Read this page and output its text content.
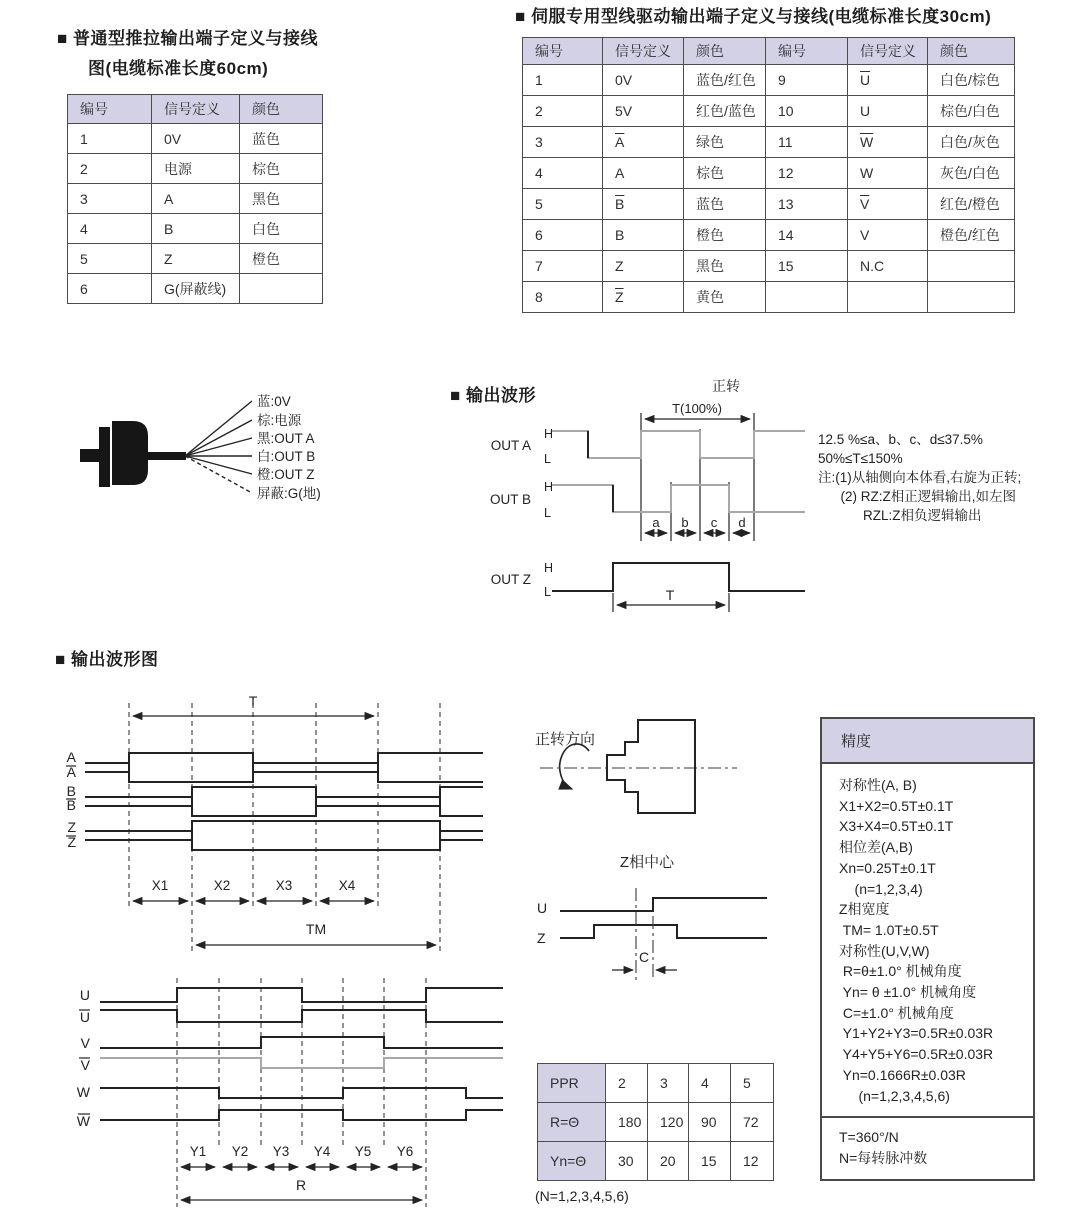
■ 普通型推拉输出端子定义与接线
图(电缆标准长度60cm)
编号	信号定义	颜色
1	0V	蓝色
2	电源	棕色
3	A	黑色
4	B	白色
5	Z	橙色
6	G(屏蔽线)	
■ 伺服专用型线驱动输出端子定义与接线(电缆标准长度30cm)
编号	信号定义	颜色	编号	信号定义	颜色
1	0V	蓝色/红色	9	$\overline{U}$	白色/棕色
2	5V	红色/蓝色	10	U	棕色/白色
3	$\overline{A}$	绿色	11	$\overline{W}$	白色/灰色
4	A	棕色	12	W	灰色/白色
5	$\overline{B}$	蓝色	13	$\overline{V}$	红色/橙色
6	B	橙色	14	V	橙色/红色
7	Z	黑色	15	N.C	
8	$\overline{Z}$	黄色			
蓝:0V
棕:电源
黑:OUT A
白:OUT B
橙:OUT Z
屏蔽:G(地)
■ 输出波形	正转
T(100%)
OUT A
H
L
OUT B
H
L
a b c d
OUT Z
H
L	T
12.5 %≤a、b、c、d≤37.5%
50%≤T≤150%
注:(1)从轴侧向本体看,右旋为正转;
(2) RZ:Z相正逻辑输出,如左图
RZL:Z相负逻辑输出
■ 输出波形图
T
A
A
B
B
Z
Z
X1	X2	X3	X4
TM
U
U
V
V
W
W
Y1 Y2 Y3 Y4 Y5 Y6
R
正转方向
Z相中心
U
Z
C
PPR	2	3	4	5
R=Θ	180	120	90	72
Yn=Θ	30	20	15	12
(N=1,2,3,4,5,6)
精度
对称性(A, B)
X1+X2=0.5T±0.1T
X3+X4=0.5T±0.1T
相位差(A,B)
Xn=0.25T±0.1T
(n=1,2,3,4)
Z相宽度
TM= 1.0T±0.5T
对称性(U,V,W)
R=θ±1.0° 机械角度
Yn= θ ±1.0° 机械角度
C=±1.0° 机械角度
Y1+Y2+Y3=0.5R±0.03R
Y4+Y5+Y6=0.5R±0.03R
Yn=0.1666R±0.03R
(n=1,2,3,4,5,6)
T=360°/N
N=每转脉冲数
